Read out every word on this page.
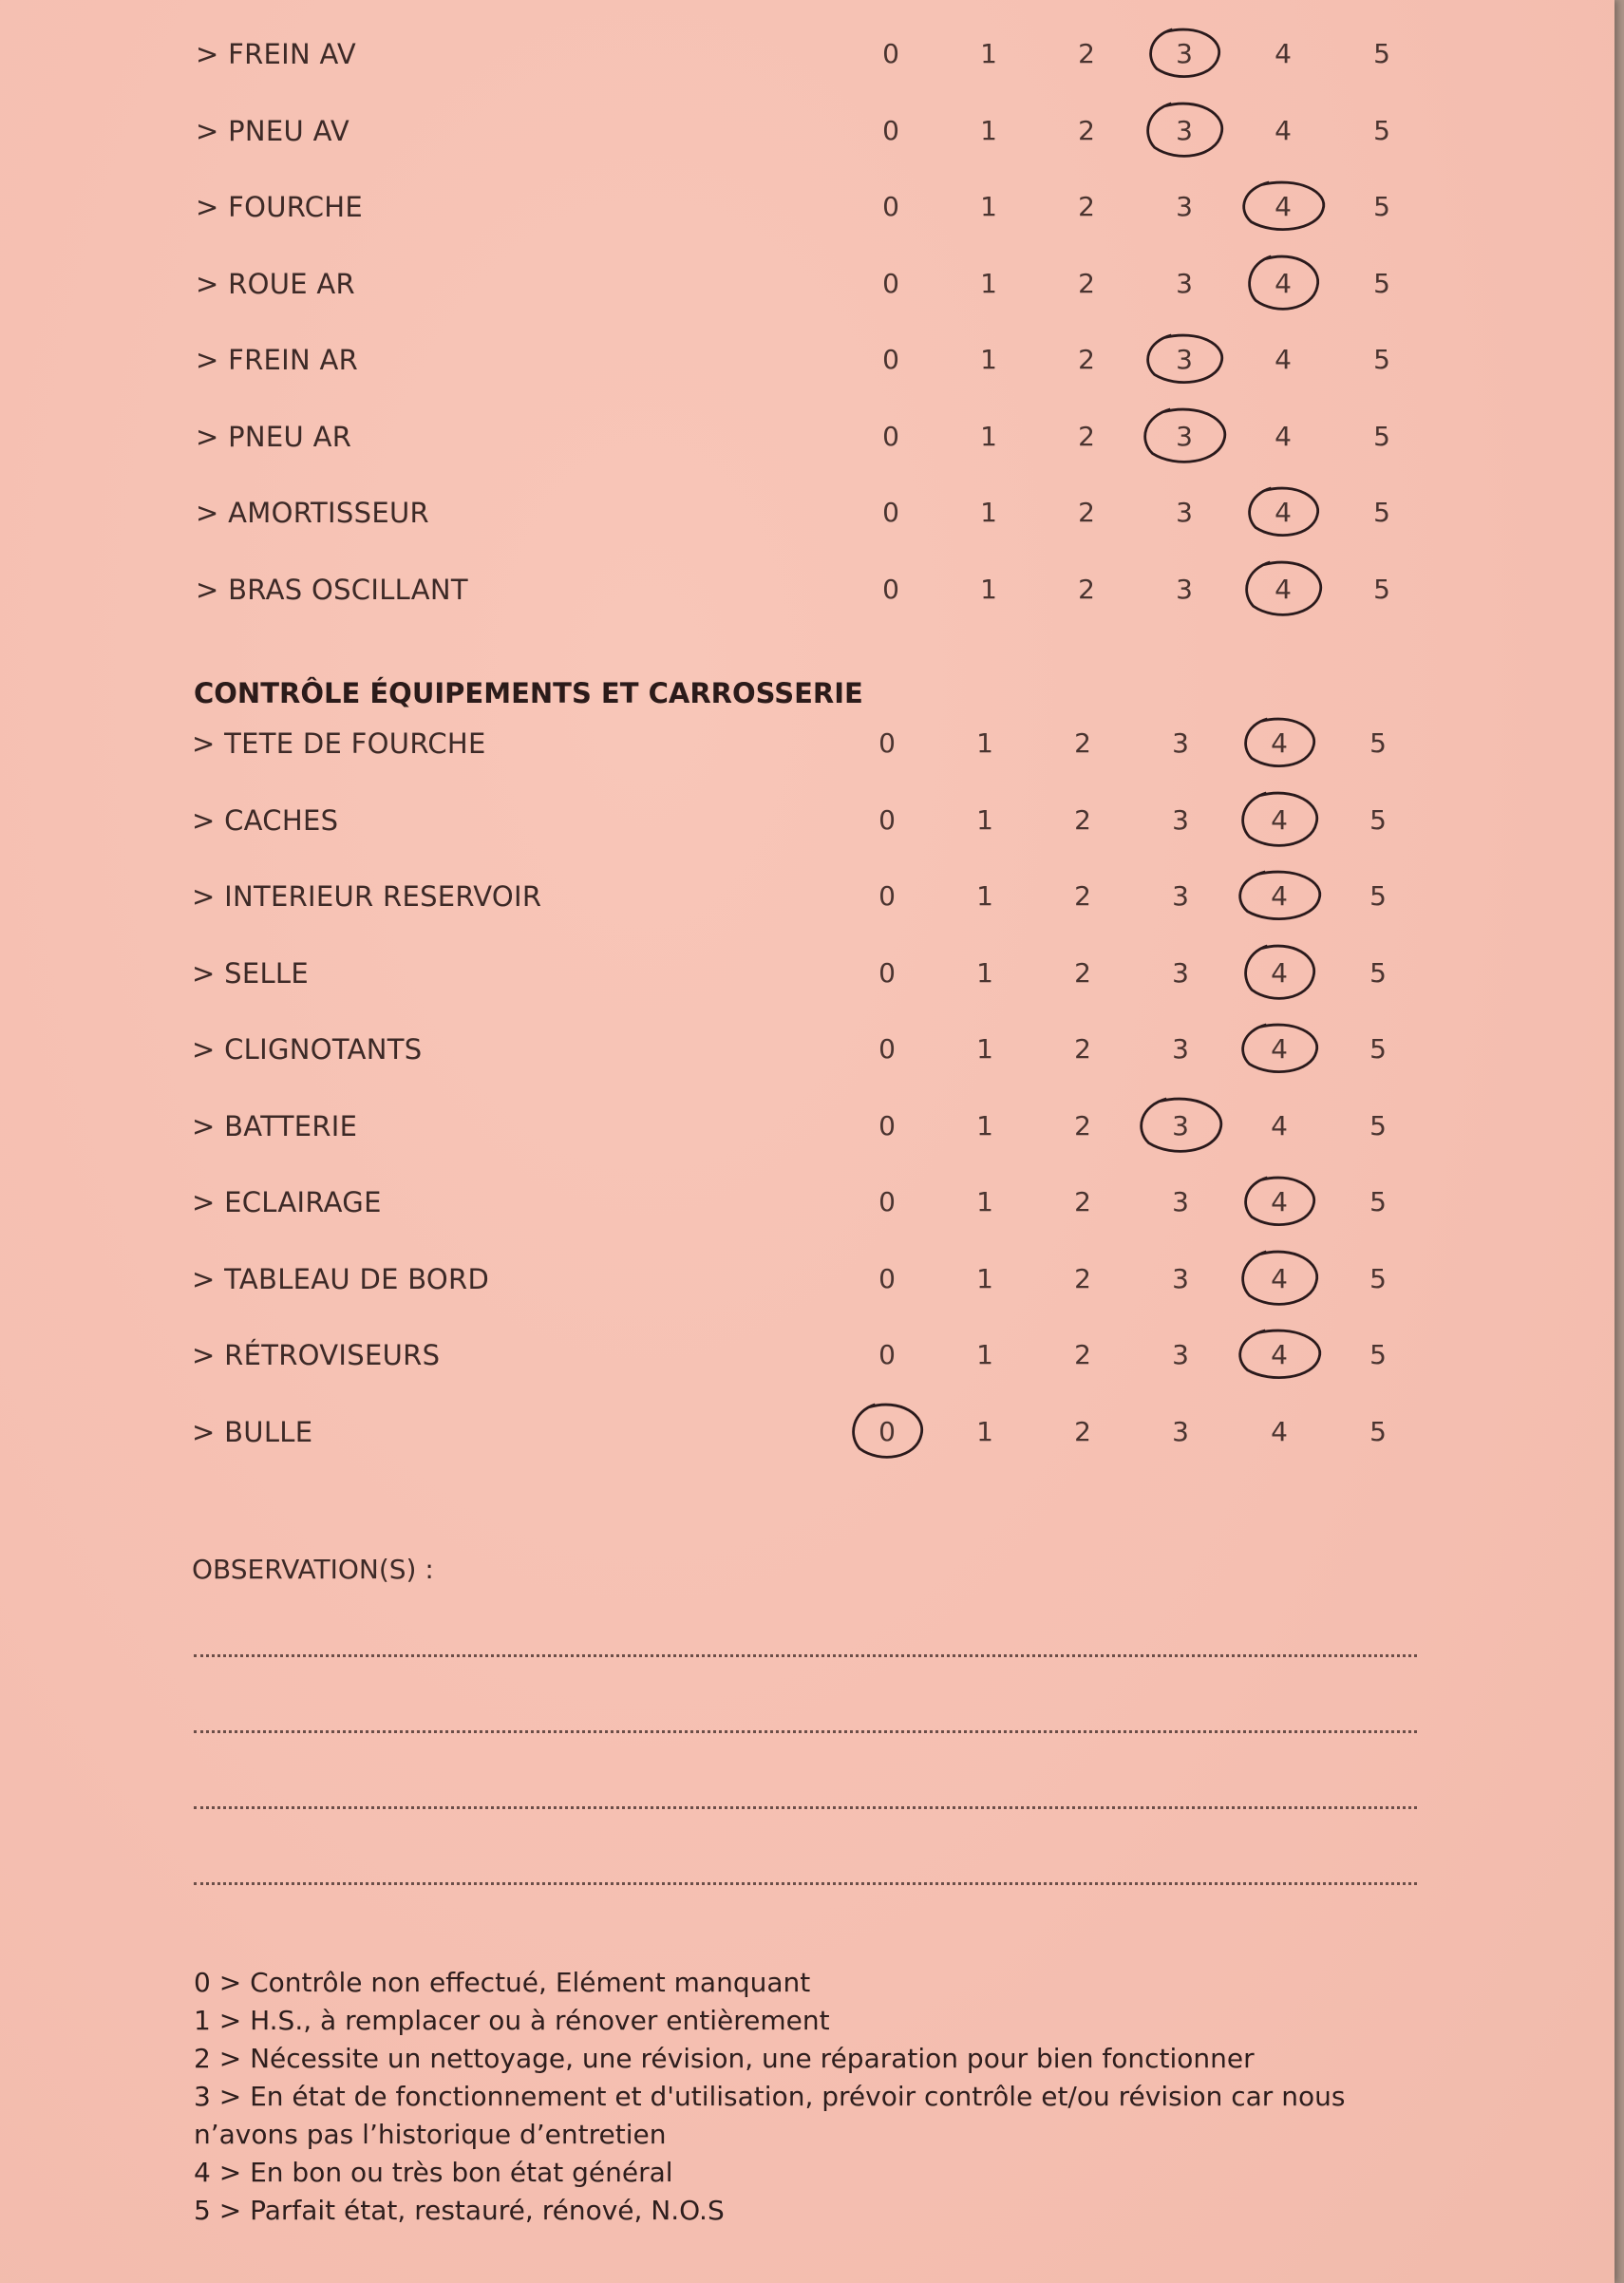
> FREIN AV	0	1	2	3	4	5
> PNEU AV	0	1	2	3	4	5
> FOURCHE	0	1	2	3	4	5
> ROUE AR	0	1	2	3	4	5
> FREIN AR	0	1	2	3	4	5
> PNEU AR	0	1	2	3	4	5
> AMORTISSEUR	0	1	2	3	4	5
> BRAS OSCILLANT	0	1	2	3	4	5
> TETE DE FOURCHE	0	1	2	3	4	5
> CACHES	0	1	2	3	4	5
> INTERIEUR RESERVOIR	0	1	2	3	4	5
> SELLE	0	1	2	3	4	5
> CLIGNOTANTS	0	1	2	3	4	5
> BATTERIE	0	1	2	3	4	5
> ECLAIRAGE	0	1	2	3	4	5
> TABLEAU DE BORD	0	1	2	3	4	5
> RÉTROVISEURS	0	1	2	3	4	5
> BULLE	0	1	2	3	4	5
CONTRÔLE ÉQUIPEMENTS ET CARROSSERIE
OBSERVATION(S) :
0 > Contrôle non effectué, Elément manquant
1 > H.S., à remplacer ou à rénover entièrement
2 > Nécessite un nettoyage, une révision, une réparation pour bien fonctionner
3 > En état de fonctionnement et d'utilisation, prévoir contrôle et/ou révision car nous n’avons pas l’historique d’entretien
4 > En bon ou très bon état général
5 > Parfait état, restauré, rénové, N.O.S
